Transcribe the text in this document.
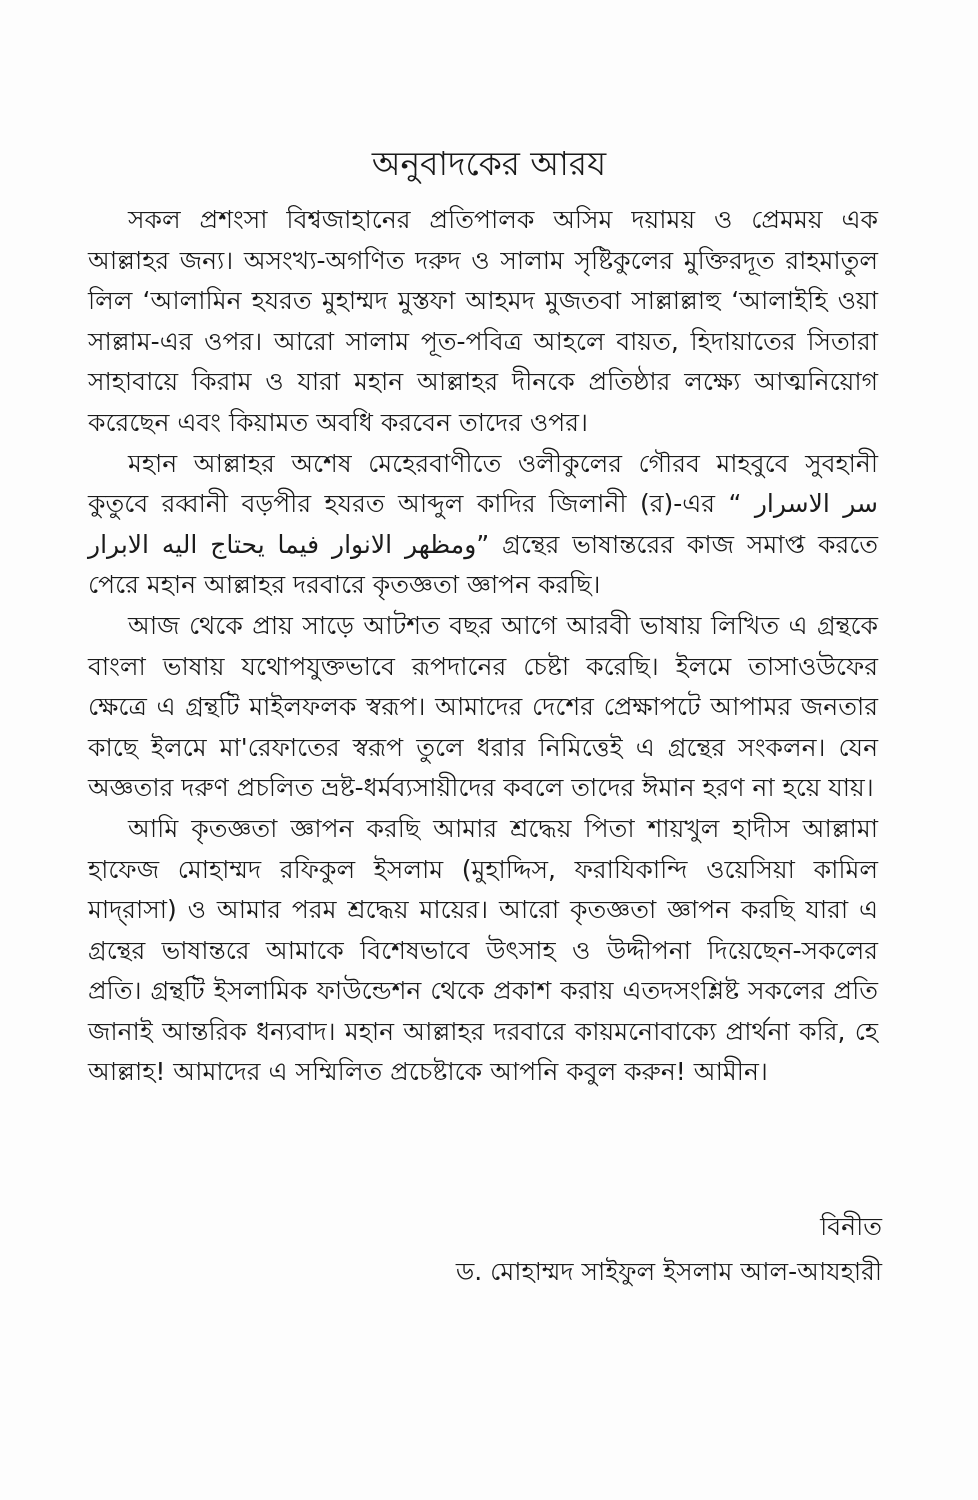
অনুবাদকের আরয

সকল প্রশংসা বিশ্বজাহানের প্রতিপালক অসিম দয়াময় ও প্রেমময় এক আল্লাহর জন্য। অসংখ্য-অগণিত দরুদ ও সালাম সৃষ্টিকুলের মুক্তিরদূত রাহমাতুল লিল ‘আলামিন হযরত মুহাম্মদ মুস্তফা আহমদ মুজতবা সাল্লাল্লাহু ‘আলাইহি ওয়া সাল্লাম-এর ওপর। আরো সালাম পূত-পবিত্র আহলে বায়ত, হিদায়াতের সিতারা সাহাবায়ে কিরাম ও যারা মহান আল্লাহর দীনকে প্রতিষ্ঠার লক্ষ্যে আত্মনিয়োগ করেছেন এবং কিয়ামত অবধি করবেন তাদের ওপর।

মহান আল্লাহর অশেষ মেহেরবাণীতে ওলীকুলের গৌরব মাহবুবে সুবহানী কুতুবে রব্বানী বড়পীর হযরত আব্দুল কাদির জিলানী (র)-এর “ سر الاسرار ومظهر الانوار فيما يحتاج اليه الابرار” গ্রন্থের ভাষান্তরের কাজ সমাপ্ত করতে পেরে মহান আল্লাহর দরবারে কৃতজ্ঞতা জ্ঞাপন করছি।

আজ থেকে প্রায় সাড়ে আটশত বছর আগে আরবী ভাষায় লিখিত এ গ্রন্থকে বাংলা ভাষায় যথোপযুক্তভাবে রূপদানের চেষ্টা করেছি। ইলমে তাসাওউফের ক্ষেত্রে এ গ্রন্থটি মাইলফলক স্বরূপ। আমাদের দেশের প্রেক্ষাপটে আপামর জনতার কাছে ইলমে মা'রেফাতের স্বরূপ তুলে ধরার নিমিত্তেই এ গ্রন্থের সংকলন। যেন অজ্ঞতার দরুণ প্রচলিত ভ্রষ্ট-ধর্মব্যসায়ীদের কবলে তাদের ঈমান হরণ না হয়ে যায়।

আমি কৃতজ্ঞতা জ্ঞাপন করছি আমার শ্রদ্ধেয় পিতা শায়খুল হাদীস আল্লামা হাফেজ মোহাম্মদ রফিকুল ইসলাম (মুহাদ্দিস, ফরাযিকান্দি ওয়েসিয়া কামিল মাদ্‌রাসা) ও আমার পরম শ্রদ্ধেয় মায়ের। আরো কৃতজ্ঞতা জ্ঞাপন করছি যারা এ গ্রন্থের ভাষান্তরে আমাকে বিশেষভাবে উৎসাহ ও উদ্দীপনা দিয়েছেন-সকলের প্রতি। গ্রন্থটি ইসলামিক ফাউন্ডেশন থেকে প্রকাশ করায় এতদসংশ্লিষ্ট সকলের প্রতি জানাই আন্তরিক ধন্যবাদ। মহান আল্লাহর দরবারে কায়মনোবাক্যে প্রার্থনা করি, হে আল্লাহ! আমাদের এ সম্মিলিত প্রচেষ্টাকে আপনি কবুল করুন! আমীন।

বিনীত
ড. মোহাম্মদ সাইফুল ইসলাম আল-আযহারী
